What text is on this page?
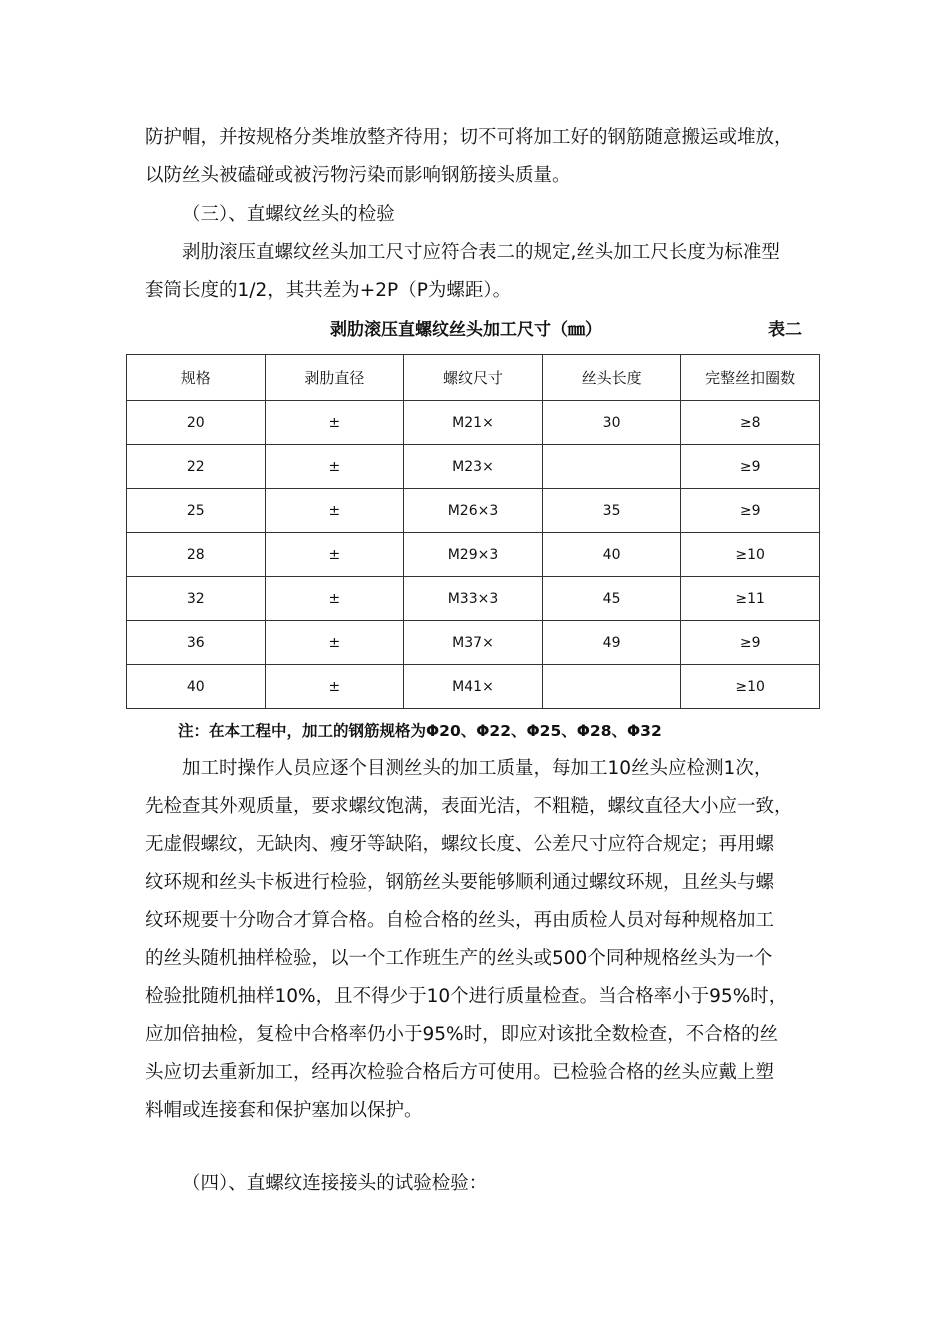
防护帽，并按规格分类堆放整齐待用；切不可将加工好的钢筋随意搬运或堆放，
以防丝头被磕碰或被污物污染而影响钢筋接头质量。
（三）、直螺纹丝头的检验
剥肋滚压直螺纹丝头加工尺寸应符合表二的规定,丝头加工尺长度为标准型
套筒长度的1/2，其共差为+2P（P为螺距）。
剥肋滚压直螺纹丝头加工尺寸（㎜）	表二
规格	剥肋直径	螺纹尺寸	丝头长度	完整丝扣圈数
20	±	M21×	30	≥8
22	±	M23×		≥9
25	±	M26×3	35	≥9
28	±	M29×3	40	≥10
32	±	M33×3	45	≥11
36	±	M37×	49	≥9
40	±	M41×		≥10
注：在本工程中，加工的钢筋规格为Φ20、Φ22、Φ25、Φ28、Φ32
加工时操作人员应逐个目测丝头的加工质量，每加工10丝头应检测1次，
先检查其外观质量，要求螺纹饱满，表面光洁，不粗糙，螺纹直径大小应一致，
无虚假螺纹，无缺肉、瘦牙等缺陷，螺纹长度、公差尺寸应符合规定；再用螺
纹环规和丝头卡板进行检验，钢筋丝头要能够顺利通过螺纹环规，且丝头与螺
纹环规要十分吻合才算合格。自检合格的丝头，再由质检人员对每种规格加工
的丝头随机抽样检验，以一个工作班生产的丝头或500个同种规格丝头为一个
检验批随机抽样10%，且不得少于10个进行质量检查。当合格率小于95%时，
应加倍抽检，复检中合格率仍小于95%时，即应对该批全数检查，不合格的丝
头应切去重新加工，经再次检验合格后方可使用。已检验合格的丝头应戴上塑
料帽或连接套和保护塞加以保护。
（四）、直螺纹连接接头的试验检验：
